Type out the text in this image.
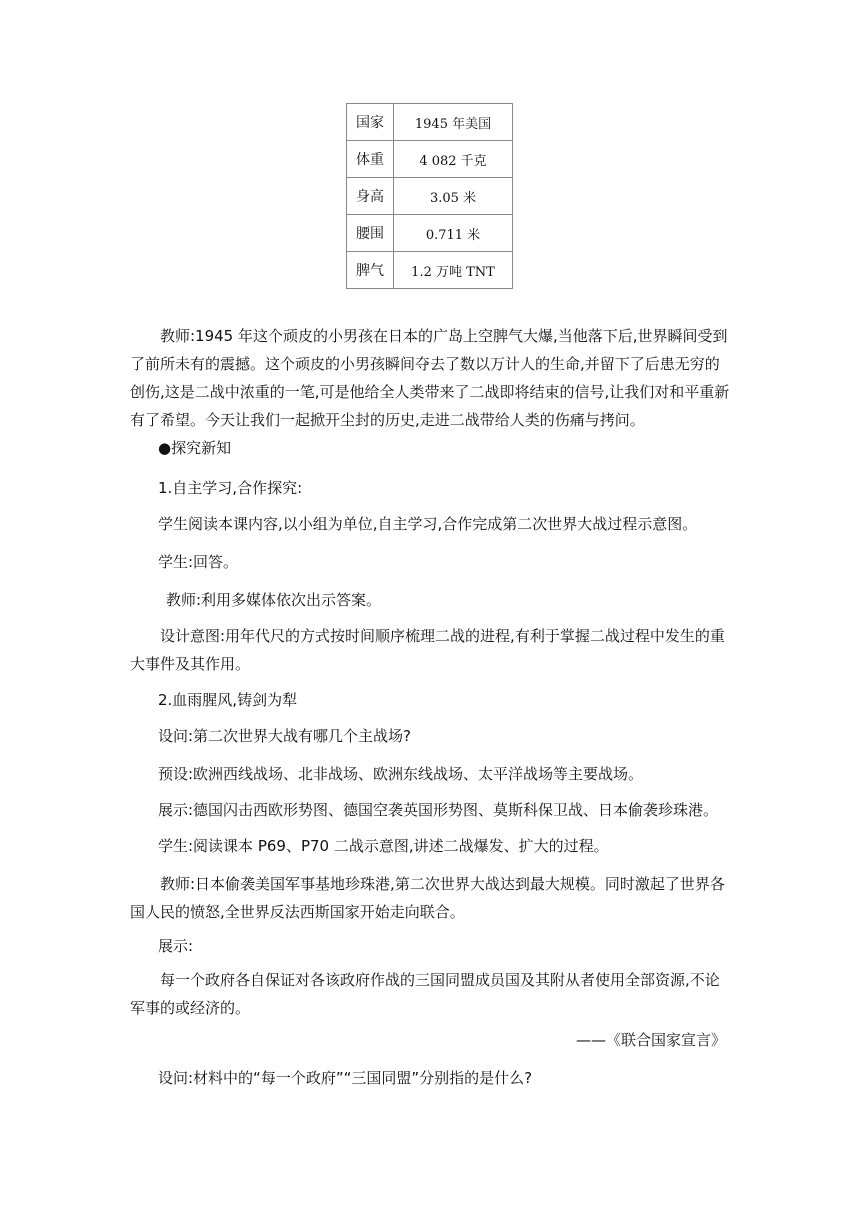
国家	1945 年美国
体重	4 082 千克
身高	3.05 米
腰围	0.711 米
脾气	1.2 万吨 TNT

教师:1945 年这个顽皮的小男孩在日本的广岛上空脾气大爆,当他落下后,世界瞬间受到了前所未有的震撼。这个顽皮的小男孩瞬间夺去了数以万计人的生命,并留下了后患无穷的创伤,这是二战中浓重的一笔,可是他给全人类带来了二战即将结束的信号,让我们对和平重新有了希望。今天让我们一起掀开尘封的历史,走进二战带给人类的伤痛与拷问。

●探究新知

1.自主学习,合作探究:

学生阅读本课内容,以小组为单位,自主学习,合作完成第二次世界大战过程示意图。

学生:回答。

教师:利用多媒体依次出示答案。

设计意图:用年代尺的方式按时间顺序梳理二战的进程,有利于掌握二战过程中发生的重大事件及其作用。

2.血雨腥风,铸剑为犁

设问:第二次世界大战有哪几个主战场?

预设:欧洲西线战场、北非战场、欧洲东线战场、太平洋战场等主要战场。

展示:德国闪击西欧形势图、德国空袭英国形势图、莫斯科保卫战、日本偷袭珍珠港。

学生:阅读课本 P69、P70 二战示意图,讲述二战爆发、扩大的过程。

教师:日本偷袭美国军事基地珍珠港,第二次世界大战达到最大规模。同时激起了世界各国人民的愤怒,全世界反法西斯国家开始走向联合。

展示:

每一个政府各自保证对各该政府作战的三国同盟成员国及其附从者使用全部资源,不论军事的或经济的。

——《联合国家宣言》

设问:材料中的“每一个政府”“三国同盟”分别指的是什么?
